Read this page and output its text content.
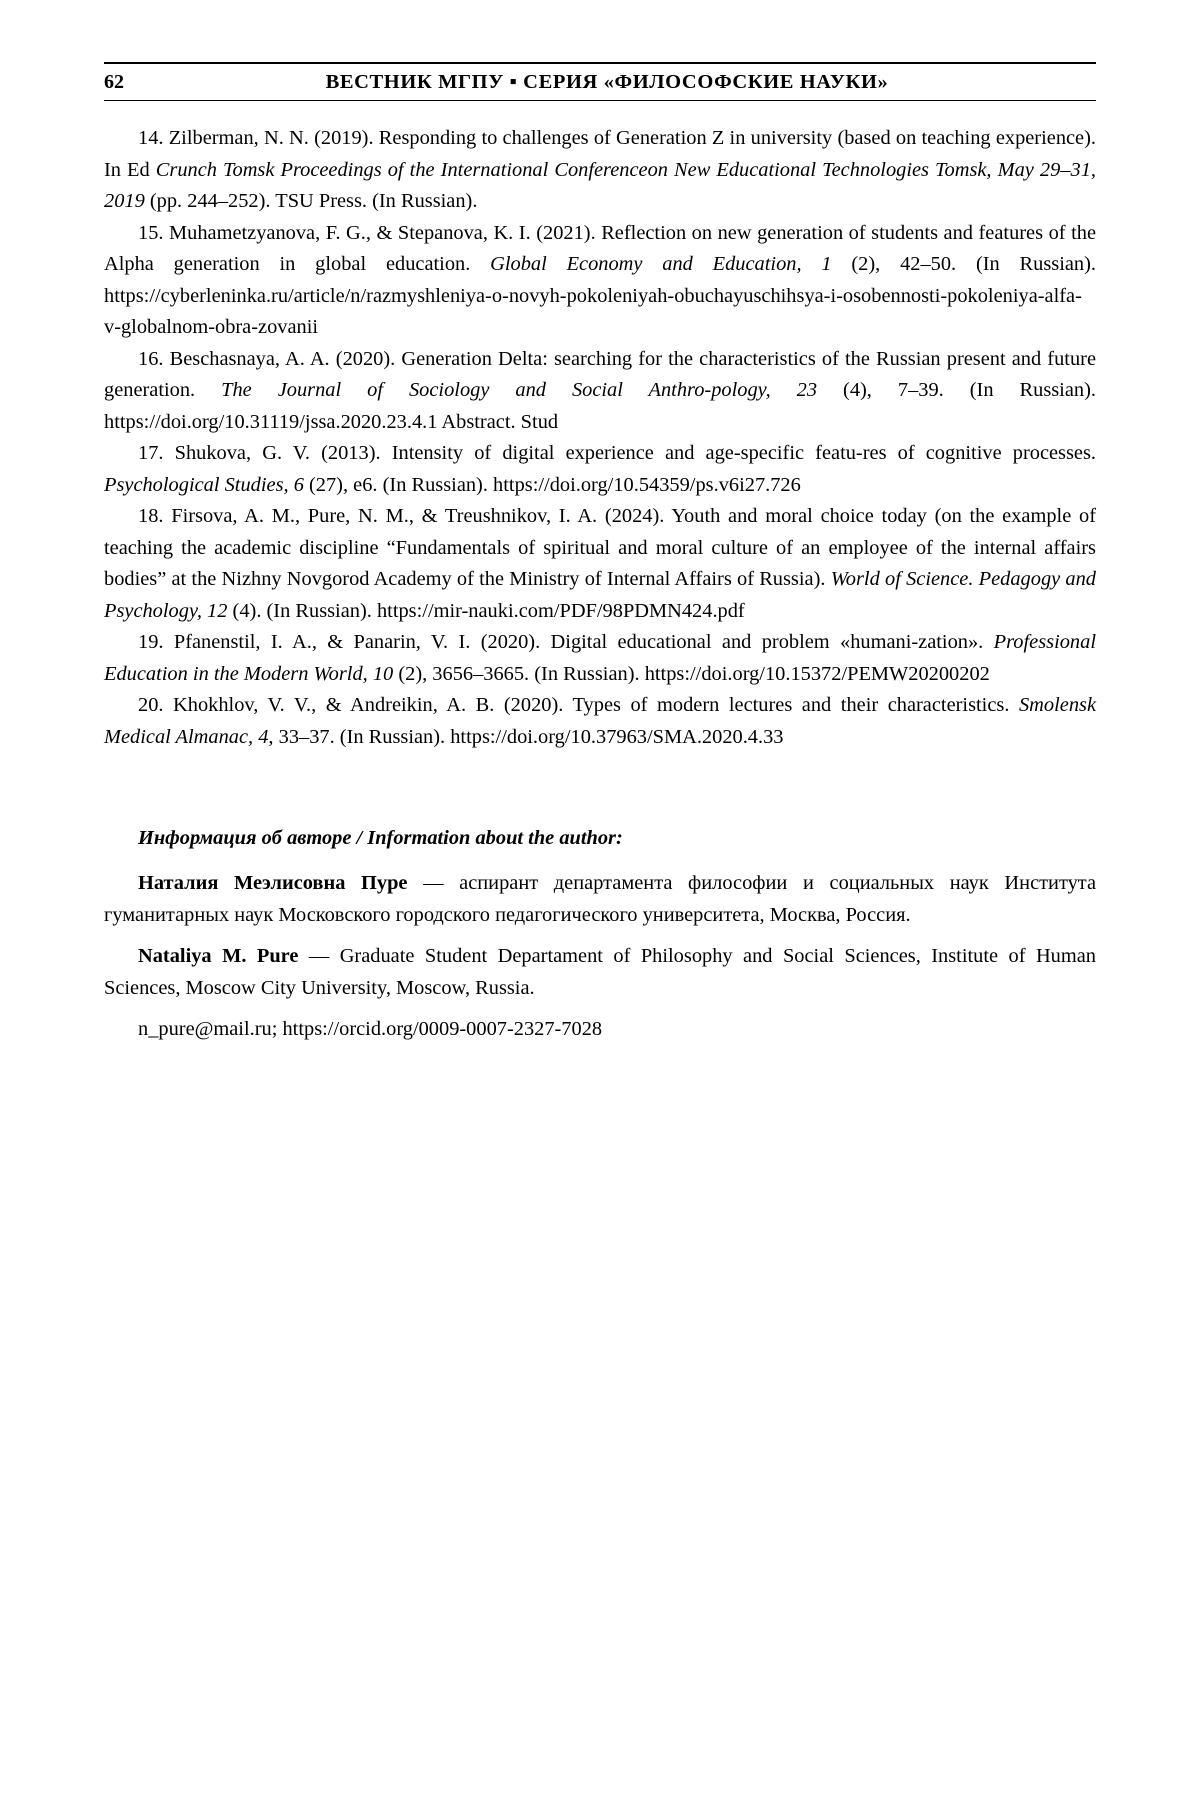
62	ВЕСТНИК МГПУ ▪ СЕРИЯ «ФИЛОСОФСКИЕ НАУКИ»

14. Zilberman, N. N. (2019). Responding to challenges of Generation Z in university (based on teaching experience). In Ed Crunch Tomsk Proceedings of the International Conferenceon New Educational Technologies Tomsk, May 29–31, 2019 (pp. 244–252). TSU Press. (In Russian).

15. Muhametzyanova, F. G., & Stepanova, K. I. (2021). Reflection on new generation of students and features of the Alpha generation in global education. Global Economy and Education, 1 (2), 42–50. (In Russian). https://cyberleninka.ru/article/n/razmyshleniya-o-novyh-pokoleniyah-obuchayuschihsya-i-osobennosti-pokoleniya-alfa-v-globalnom-obra-zovanii

16. Beschasnaya, A. A. (2020). Generation Delta: searching for the characteristics of the Russian present and future generation. The Journal of Sociology and Social Anthro-pology, 23 (4), 7–39. (In Russian). https://doi.org/10.31119/jssa.2020.23.4.1 Abstract. Stud

17. Shukova, G. V. (2013). Intensity of digital experience and age-specific featu-res of cognitive processes. Psychological Studies, 6 (27), e6. (In Russian). https://doi.org/10.54359/ps.v6i27.726

18. Firsova, A. M., Pure, N. M., & Treushnikov, I. A. (2024). Youth and moral choice today (on the example of teaching the academic discipline “Fundamentals of spiritual and moral culture of an employee of the internal affairs bodies” at the Nizhny Novgorod Academy of the Ministry of Internal Affairs of Russia). World of Science. Pedagogy and Psychology, 12 (4). (In Russian). https://mir-nauki.com/PDF/98PDMN424.pdf

19. Pfanenstil, I. A., & Panarin, V. I. (2020). Digital educational and problem «humani-zation». Professional Education in the Modern World, 10 (2), 3656–3665. (In Russian). https://doi.org/10.15372/PEMW20200202

20. Khokhlov, V. V., & Andreikin, A. B. (2020). Types of modern lectures and their characteristics. Smolensk Medical Almanac, 4, 33–37. (In Russian). https://doi.org/10.37963/SMA.2020.4.33

Информация об авторе / Information about the author:

Наталия Меэлисовна Пуре — аспирант департамента философии и социальных наук Института гуманитарных наук Московского городского педагогического университета, Москва, Россия.

Nataliya M. Pure — Graduate Student Departament of Philosophy and Social Sciences, Institute of Human Sciences, Moscow City University, Moscow, Russia.

n_pure@mail.ru; https://orcid.org/0009-0007-2327-7028
